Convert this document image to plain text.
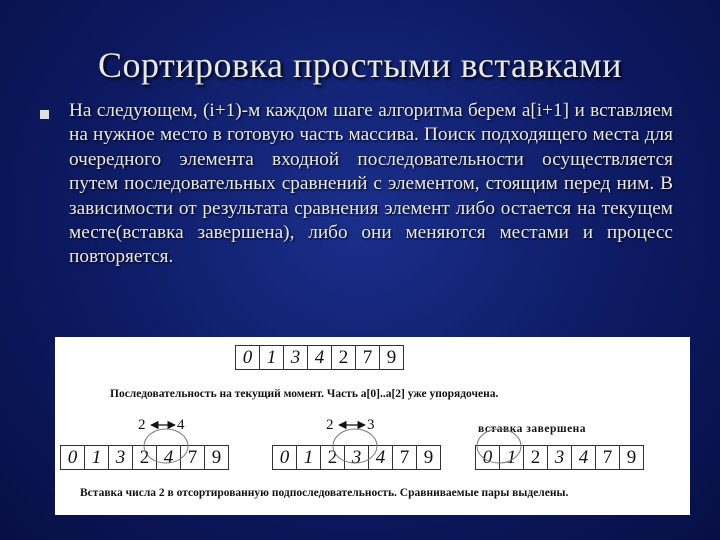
Сортировка простыми вставками
На следующем, (i+1)-м каждом шаге алгоритма берем a[i+1] и вставляем на нужное место в готовую часть массива. Поиск подходящего места для очередного элемента входной последовательности осуществляется путем последовательных сравнений с элементом, стоящим перед ним. В зависимости от результата сравнения элемент либо остается на текущем месте(вставка завершена), либо они меняются местами и процесс повторяется.
0 1 3 4 2 7 9
Последовательность на текущий момент. Часть a[0]..a[2] уже упорядочена.
2 4	2 3	вставка завершена
0 1 3 2 4 7 9	0 1 2 3 4 7 9	0 1 2 3 4 7 9
Вставка числа 2 в отсортированную подпоследовательность. Сравниваемые пары выделены.
